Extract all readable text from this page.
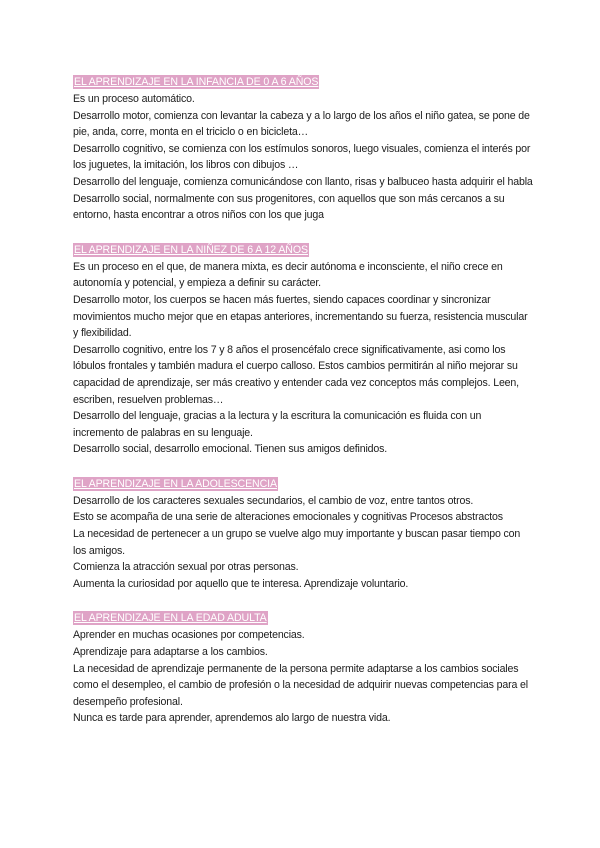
EL APRENDIZAJE EN LA INFANCIA DE 0 A 6 AÑOS

Es un proceso automático.

Desarrollo motor, comienza con levantar la cabeza y a lo largo de los años el niño gatea, se pone de pie, anda, corre, monta en el triciclo o en bicicleta…

Desarrollo cognitivo, se comienza con los estímulos sonoros, luego visuales, comienza el interés por los juguetes, la imitación, los libros con dibujos …

Desarrollo del lenguaje, comienza comunicándose con llanto, risas y balbuceo hasta adquirir el habla

Desarrollo social, normalmente con sus progenitores, con aquellos que son más cercanos a su entorno, hasta encontrar a otros niños con los que juga

EL APRENDIZAJE EN LA NIÑEZ DE 6 A 12 AÑOS

Es un proceso en el que, de manera mixta, es decir autónoma e inconsciente, el niño crece en autonomía y potencial, y empieza a definir su carácter.

Desarrollo motor, los cuerpos se hacen más fuertes, siendo capaces coordinar y sincronizar movimientos mucho mejor que en etapas anteriores, incrementando su fuerza, resistencia muscular y flexibilidad.

Desarrollo cognitivo, entre los 7 y 8 años el prosencéfalo crece significativamente, asi como los lóbulos frontales y también madura el cuerpo calloso. Estos cambios permitirán al niño mejorar su capacidad de aprendizaje, ser más creativo y entender cada vez conceptos más complejos. Leen, escriben, resuelven problemas…

Desarrollo del lenguaje, gracias a la lectura y la escritura la comunicación es fluida con un incremento de palabras en su lenguaje.

Desarrollo social, desarrollo emocional. Tienen sus amigos definidos.

EL APRENDIZAJE EN LA ADOLESCENCIA

Desarrollo de los caracteres sexuales secundarios, el cambio de voz, entre tantos otros.

Esto se acompaña de una serie de alteraciones emocionales y cognitivas Procesos abstractos

La necesidad de pertenecer a un grupo se vuelve algo muy importante y buscan pasar tiempo con los amigos.

Comienza la atracción sexual por otras personas.

Aumenta la curiosidad por aquello que te interesa. Aprendizaje voluntario.

EL APRENDIZAJE EN LA EDAD ADULTA

Aprender en muchas ocasiones por competencias.

Aprendizaje para adaptarse a los cambios.

La necesidad de aprendizaje permanente de la persona permite adaptarse a los cambios sociales como el desempleo, el cambio de profesión o la necesidad de adquirir nuevas competencias para el desempeño profesional.

Nunca es tarde para aprender, aprendemos alo largo de nuestra vida.
